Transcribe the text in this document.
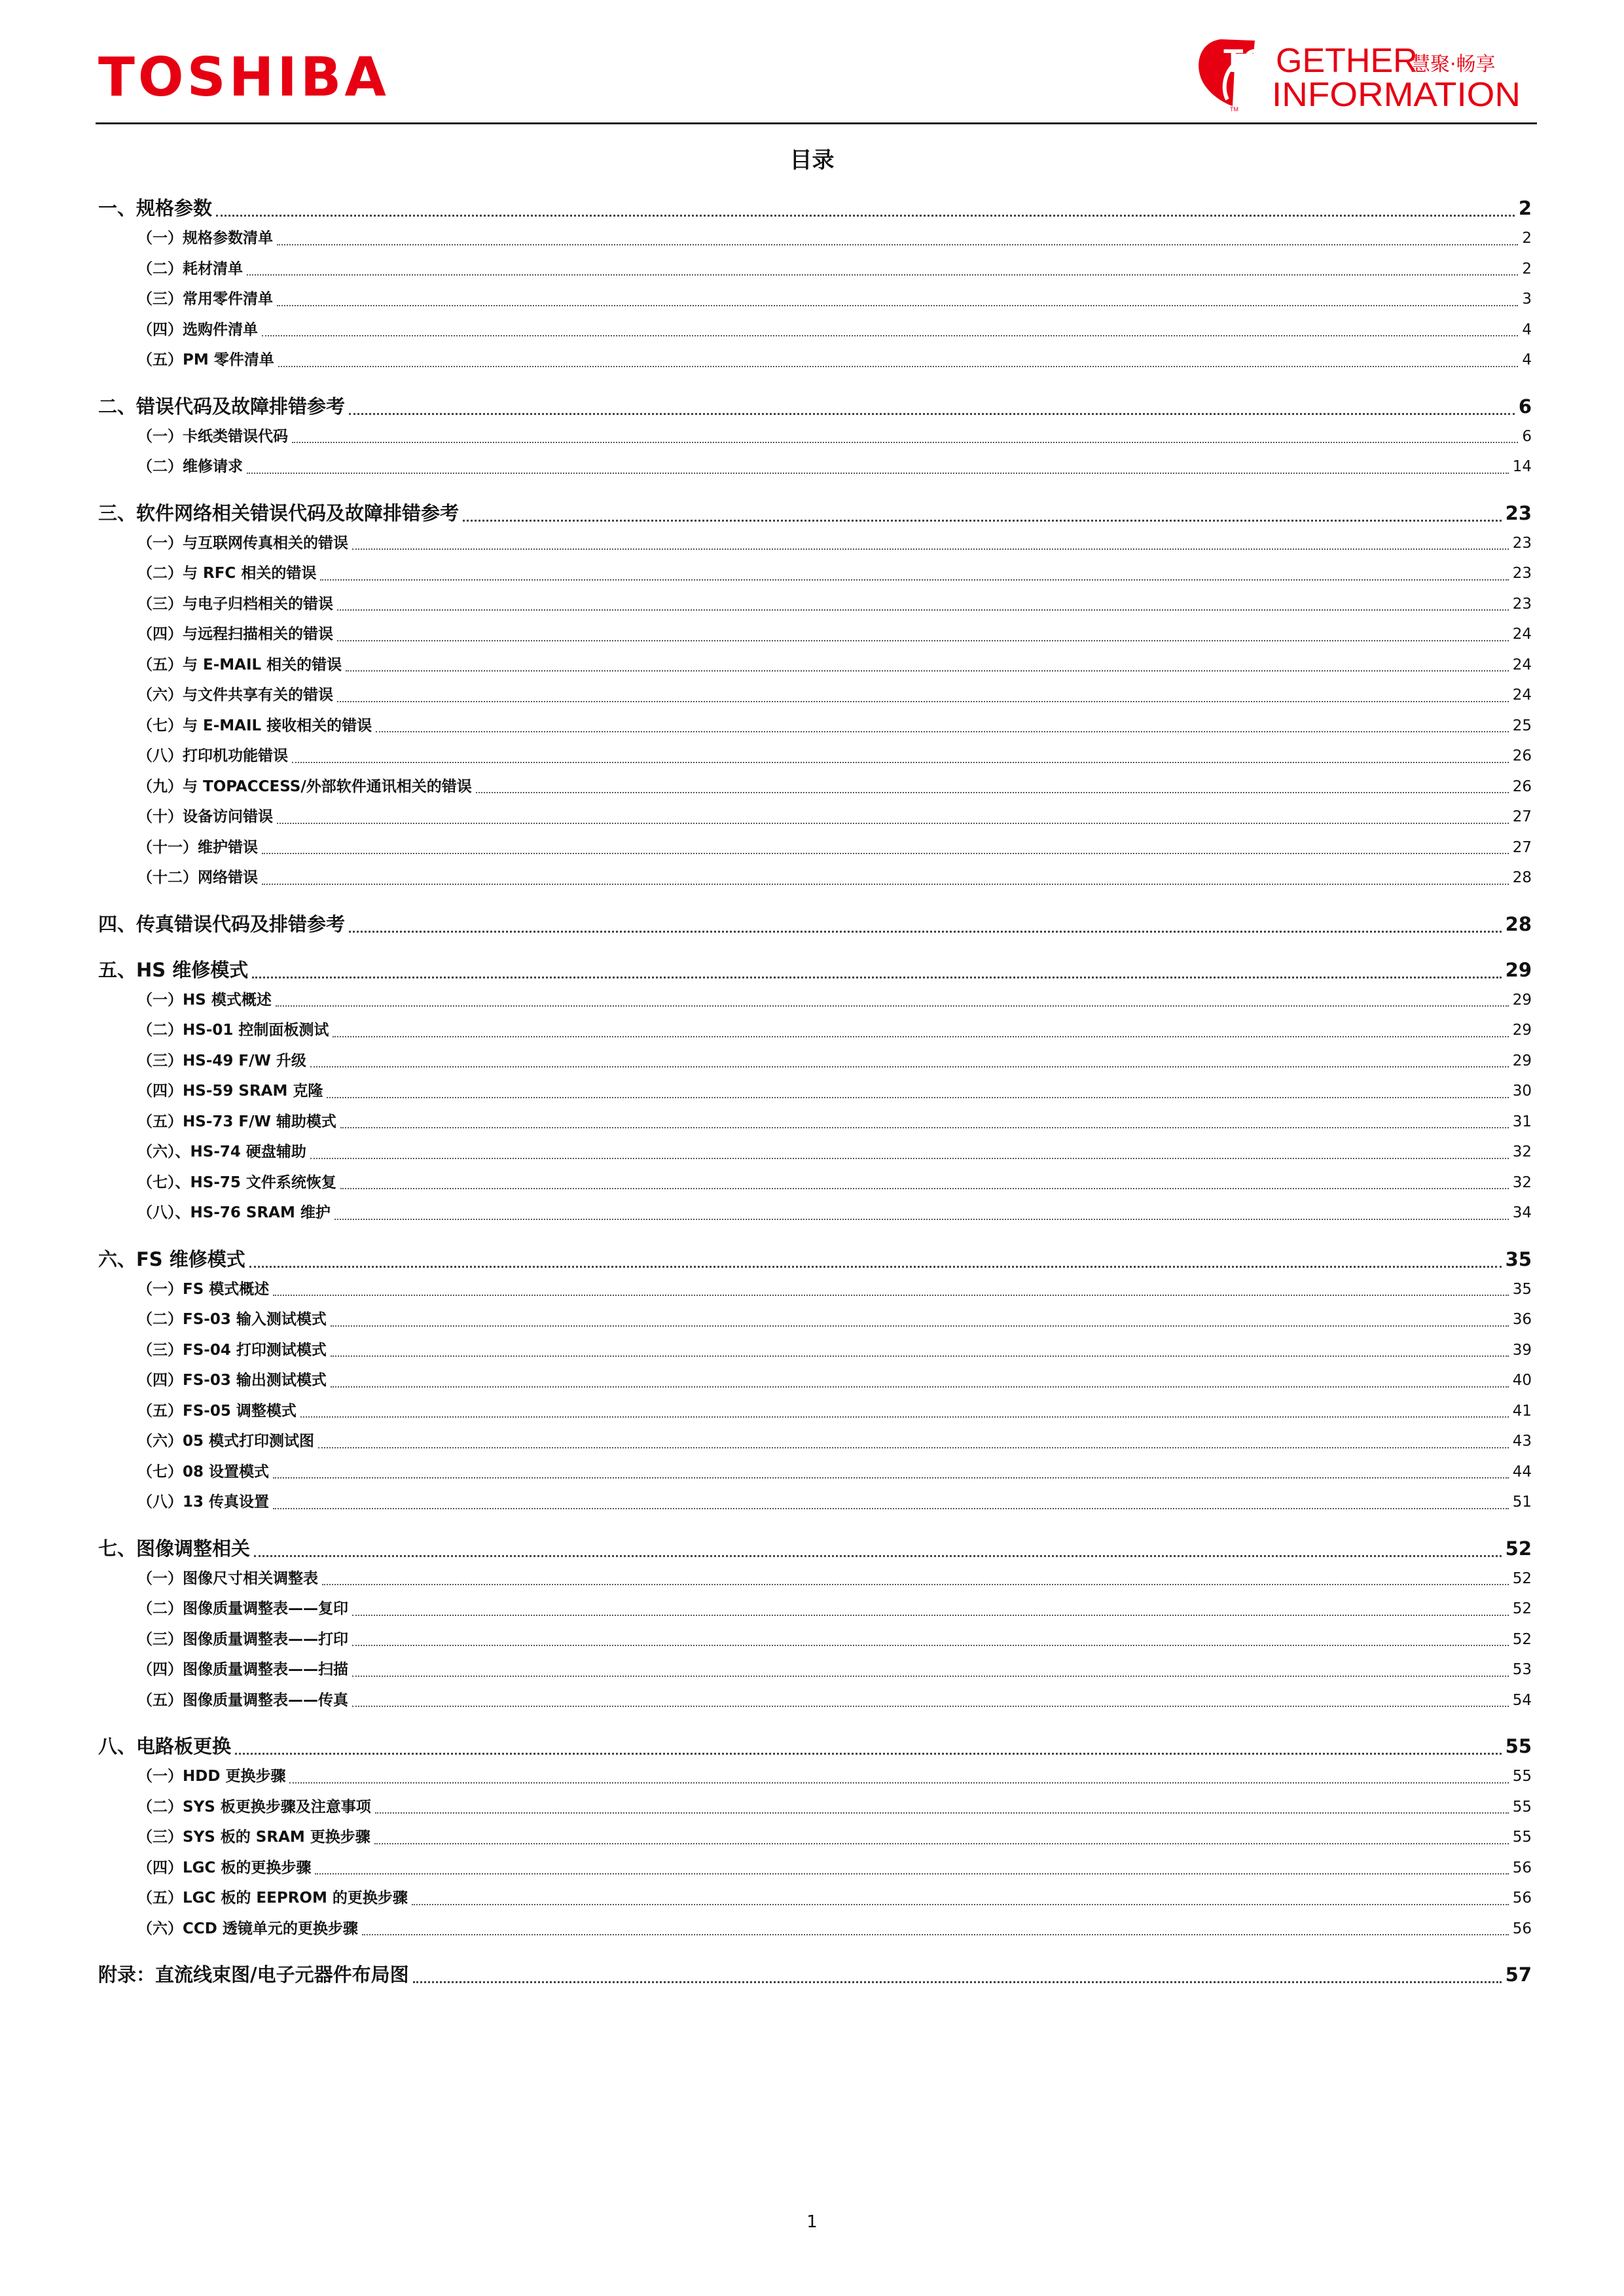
TOSHIBA	TO GETHER
慧聚·畅享
INFORMATION
TM
目录
一、规格参数	2
（一）规格参数清单	2
（二）耗材清单	2
（三）常用零件清单	3
（四）选购件清单	4
（五）PM 零件清单	4
二、错误代码及故障排错参考	6
（一）卡纸类错误代码	6
（二）维修请求	14
三、软件网络相关错误代码及故障排错参考	23
（一）与互联网传真相关的错误	23
（二）与 RFC 相关的错误	23
（三）与电子归档相关的错误	23
（四）与远程扫描相关的错误	24
（五）与 E-MAIL 相关的错误	24
（六）与文件共享有关的错误	24
（七）与 E-MAIL 接收相关的错误	25
（八）打印机功能错误	26
（九）与 TOPACCESS/外部软件通讯相关的错误	26
（十）设备访问错误	27
（十一）维护错误	27
（十二）网络错误	28
四、传真错误代码及排错参考	28
五、HS 维修模式	29
（一）HS 模式概述	29
（二）HS-01 控制面板测试	29
（三）HS-49 F/W 升级	29
（四）HS-59 SRAM 克隆	30
（五）HS-73 F/W 辅助模式	31
（六）、HS-74 硬盘辅助	32
（七）、HS-75 文件系统恢复	32
（八）、HS-76 SRAM 维护	34
六、FS 维修模式	35
（一）FS 模式概述	35
（二）FS-03 输入测试模式	36
（三）FS-04 打印测试模式	39
（四）FS-03 输出测试模式	40
（五）FS-05 调整模式	41
（六）05 模式打印测试图	43
（七）08 设置模式	44
（八）13 传真设置	51
七、图像调整相关	52
（一）图像尺寸相关调整表	52
（二）图像质量调整表——复印	52
（三）图像质量调整表——打印	52
（四）图像质量调整表——扫描	53
（五）图像质量调整表——传真	54
八、电路板更换	55
（一）HDD 更换步骤	55
（二）SYS 板更换步骤及注意事项	55
（三）SYS 板的 SRAM 更换步骤	55
（四）LGC 板的更换步骤	56
（五）LGC 板的 EEPROM 的更换步骤	56
（六）CCD 透镜单元的更换步骤	56
附录：直流线束图/电子元器件布局图	57
1
